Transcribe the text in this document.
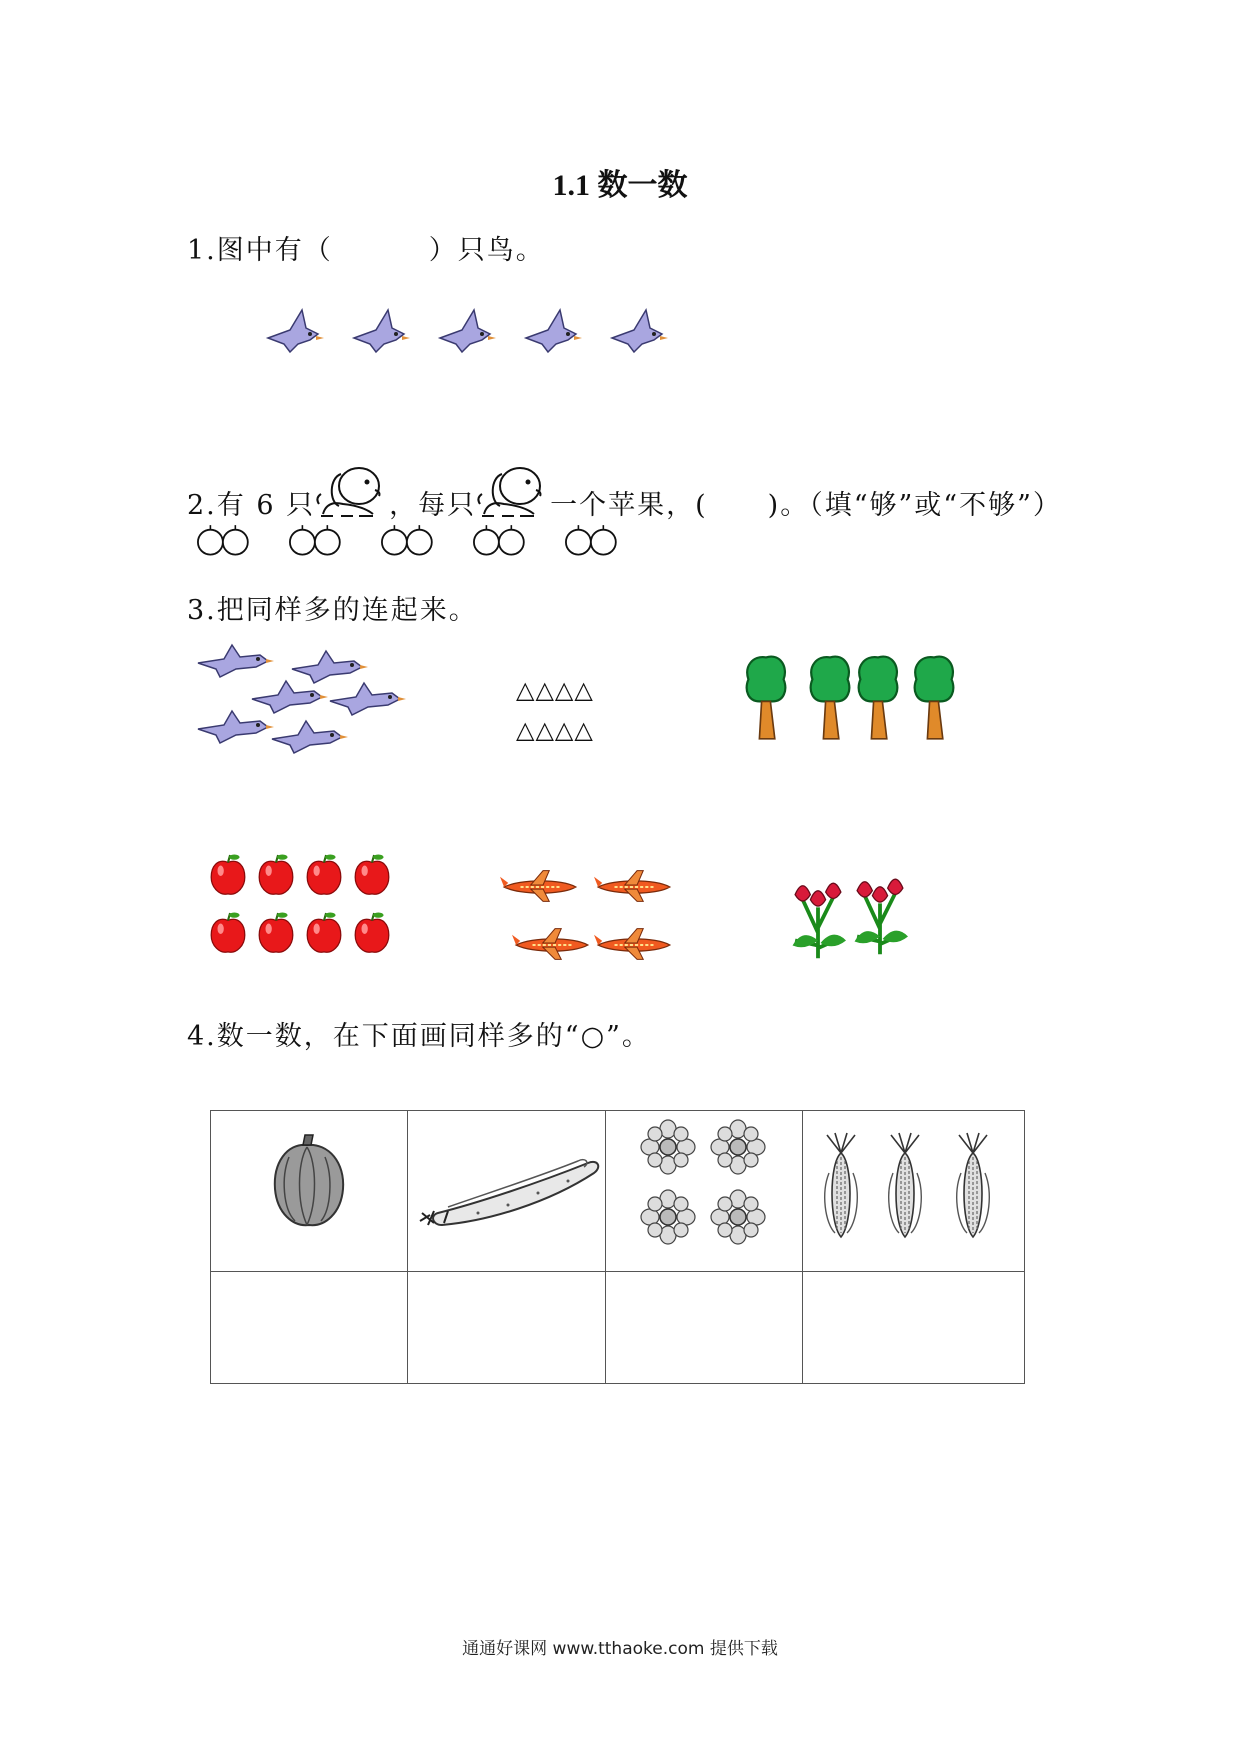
1.1 数一数
1.图中有（	）只鸟。
2.有 6 只	，每只	一个苹果，( )。（填“够”或“不够”）
3.把同样多的连起来。
△△△△
△△△△
4.数一数，在下面画同样多的“○”。

通通好课网 www.tthaoke.com 提供下载
